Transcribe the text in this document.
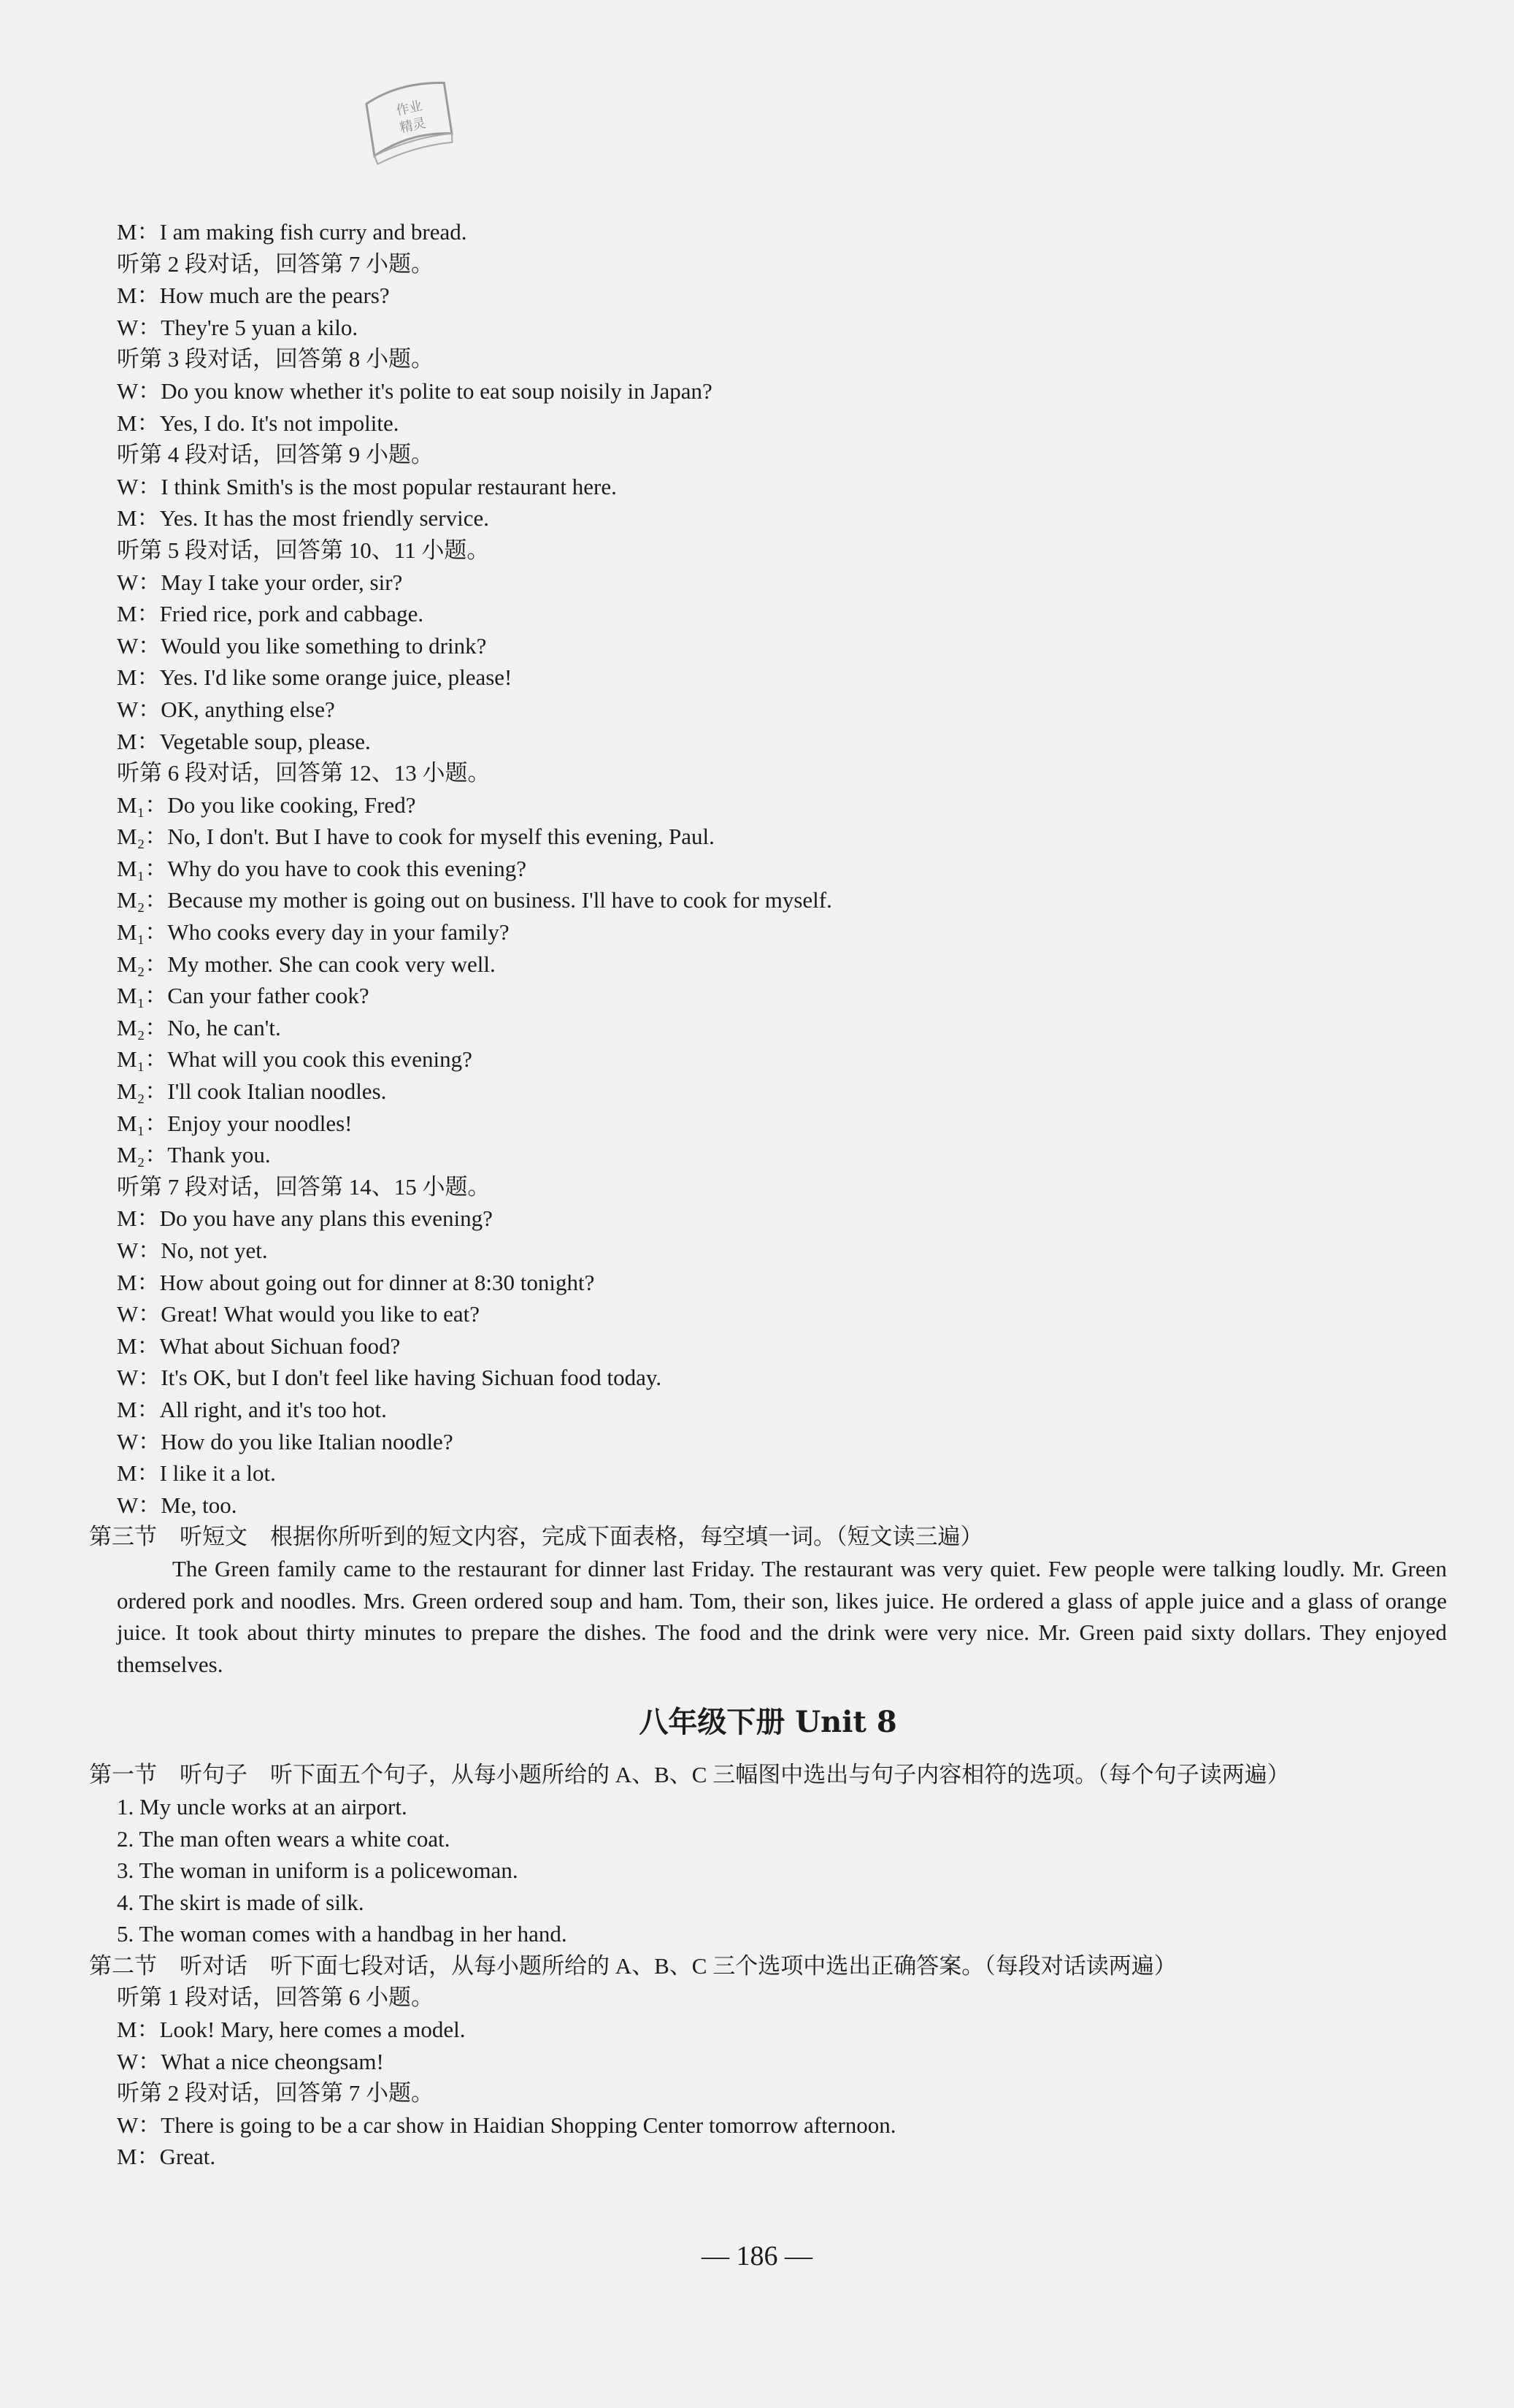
作业
精灵
M：I am making fish curry and bread.
听第 2 段对话，回答第 7 小题。
M：How much are the pears?
W：They're 5 yuan a kilo.
听第 3 段对话，回答第 8 小题。
W：Do you know whether it's polite to eat soup noisily in Japan?
M：Yes, I do. It's not impolite.
听第 4 段对话，回答第 9 小题。
W：I think Smith's is the most popular restaurant here.
M：Yes. It has the most friendly service.
听第 5 段对话，回答第 10、11 小题。
W：May I take your order, sir?
M：Fried rice, pork and cabbage.
W：Would you like something to drink?
M：Yes. I'd like some orange juice, please!
W：OK, anything else?
M：Vegetable soup, please.
听第 6 段对话，回答第 12、13 小题。
M₁：Do you like cooking, Fred?
M₂：No, I don't. But I have to cook for myself this evening, Paul.
M₁：Why do you have to cook this evening?
M₂：Because my mother is going out on business. I'll have to cook for myself.
M₁：Who cooks every day in your family?
M₂：My mother. She can cook very well.
M₁：Can your father cook?
M₂：No, he can't.
M₁：What will you cook this evening?
M₂：I'll cook Italian noodles.
M₁：Enjoy your noodles!
M₂：Thank you.
听第 7 段对话，回答第 14、15 小题。
M：Do you have any plans this evening?
W：No, not yet.
M：How about going out for dinner at 8:30 tonight?
W：Great! What would you like to eat?
M：What about Sichuan food?
W：It's OK, but I don't feel like having Sichuan food today.
M：All right, and it's too hot.
W：How do you like Italian noodle?
M：I like it a lot.
W：Me, too.
第三节　听短文　根据你所听到的短文内容，完成下面表格，每空填一词。（短文读三遍）

The Green family came to the restaurant for dinner last Friday. The restaurant was very quiet. Few people were talking loudly. Mr. Green ordered pork and noodles. Mrs. Green ordered soup and ham. Tom, their son, likes juice. He ordered a glass of apple juice and a glass of orange juice. It took about thirty minutes to prepare the dishes. The food and the drink were very nice. Mr. Green paid sixty dollars. They enjoyed themselves.

八年级下册 Unit 8
第一节　听句子　听下面五个句子，从每小题所给的 A、B、C 三幅图中选出与句子内容相符的选项。（每个句子读两遍）
1. My uncle works at an airport.
2. The man often wears a white coat.
3. The woman in uniform is a policewoman.
4. The skirt is made of silk.
5. The woman comes with a handbag in her hand.
第二节　听对话　听下面七段对话，从每小题所给的 A、B、C 三个选项中选出正确答案。（每段对话读两遍）
听第 1 段对话，回答第 6 小题。
M：Look! Mary, here comes a model.
W：What a nice cheongsam!
听第 2 段对话，回答第 7 小题。
W：There is going to be a car show in Haidian Shopping Center tomorrow afternoon.
M：Great.
— 186 —
